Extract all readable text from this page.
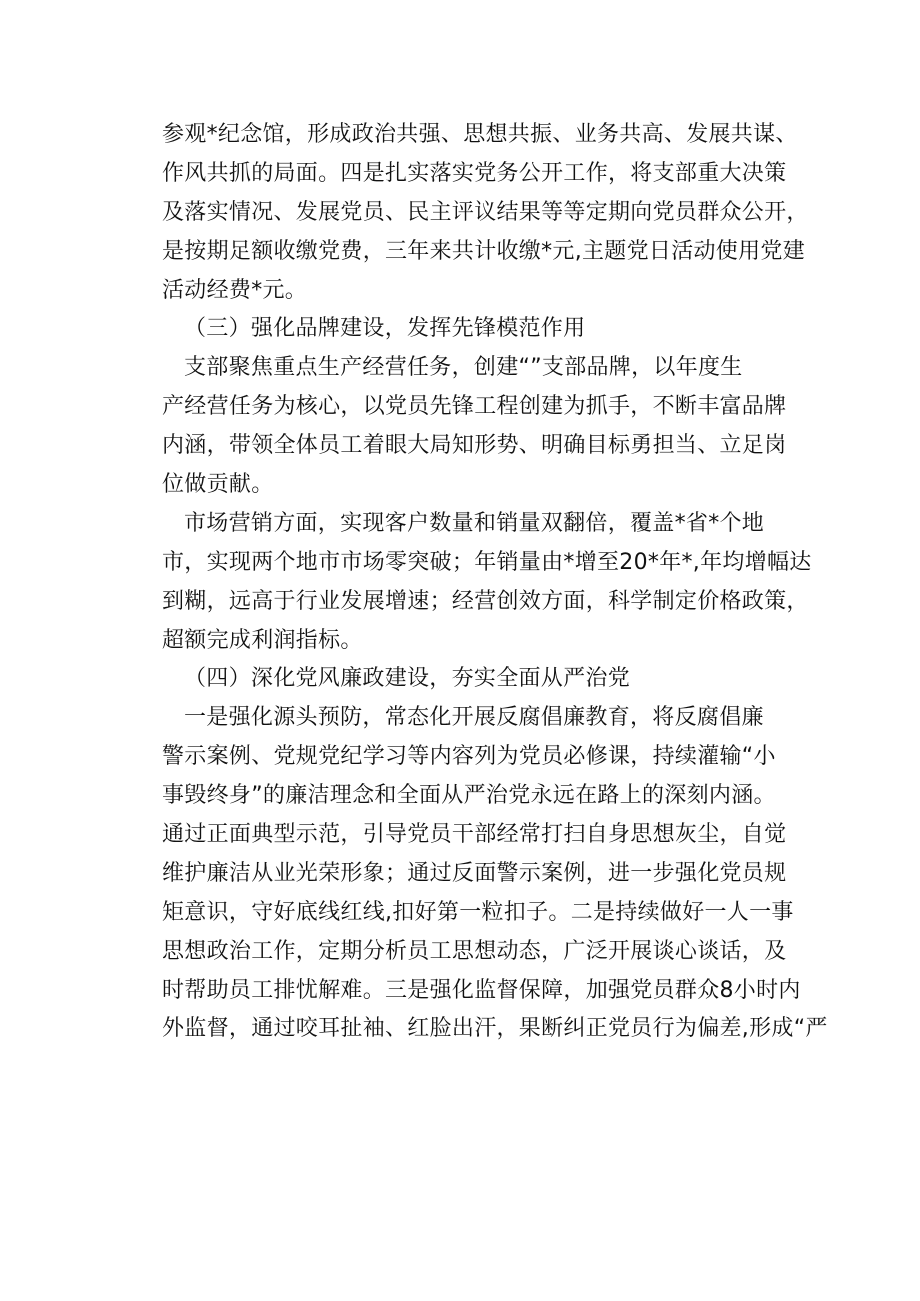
参观*纪念馆，形成政治共强、思想共振、业务共高、发展共谋、
作风共抓的局面。四是扎实落实党务公开工作，将支部重大决策
及落实情况、发展党员、民主评议结果等等定期向党员群众公开，
是按期足额收缴党费，三年来共计收缴*元,主题党日活动使用党建
活动经费*元。
（三）强化品牌建设，发挥先锋模范作用
支部聚焦重点生产经营任务，创建“”支部品牌，以年度生
产经营任务为核心，以党员先锋工程创建为抓手，不断丰富品牌
内涵，带领全体员工着眼大局知形势、明确目标勇担当、立足岗
位做贡献。
市场营销方面，实现客户数量和销量双翻倍，覆盖*省*个地
市，实现两个地市市场零突破；年销量由*增至20*年*,年均增幅达
到糊，远高于行业发展增速；经营创效方面，科学制定价格政策，
超额完成利润指标。
（四）深化党风廉政建设，夯实全面从严治党
一是强化源头预防，常态化开展反腐倡廉教育，将反腐倡廉
警示案例、党规党纪学习等内容列为党员必修课，持续灌输“小
事毁终身”的廉洁理念和全面从严治党永远在路上的深刻内涵。
通过正面典型示范，引导党员干部经常打扫自身思想灰尘，自觉
维护廉洁从业光荣形象；通过反面警示案例，进一步强化党员规
矩意识，守好底线红线,扣好第一粒扣子。二是持续做好一人一事
思想政治工作，定期分析员工思想动态，广泛开展谈心谈话，及
时帮助员工排忧解难。三是强化监督保障，加强党员群众8小时内
外监督，通过咬耳扯袖、红脸出汗，果断纠正党员行为偏差,形成“严
